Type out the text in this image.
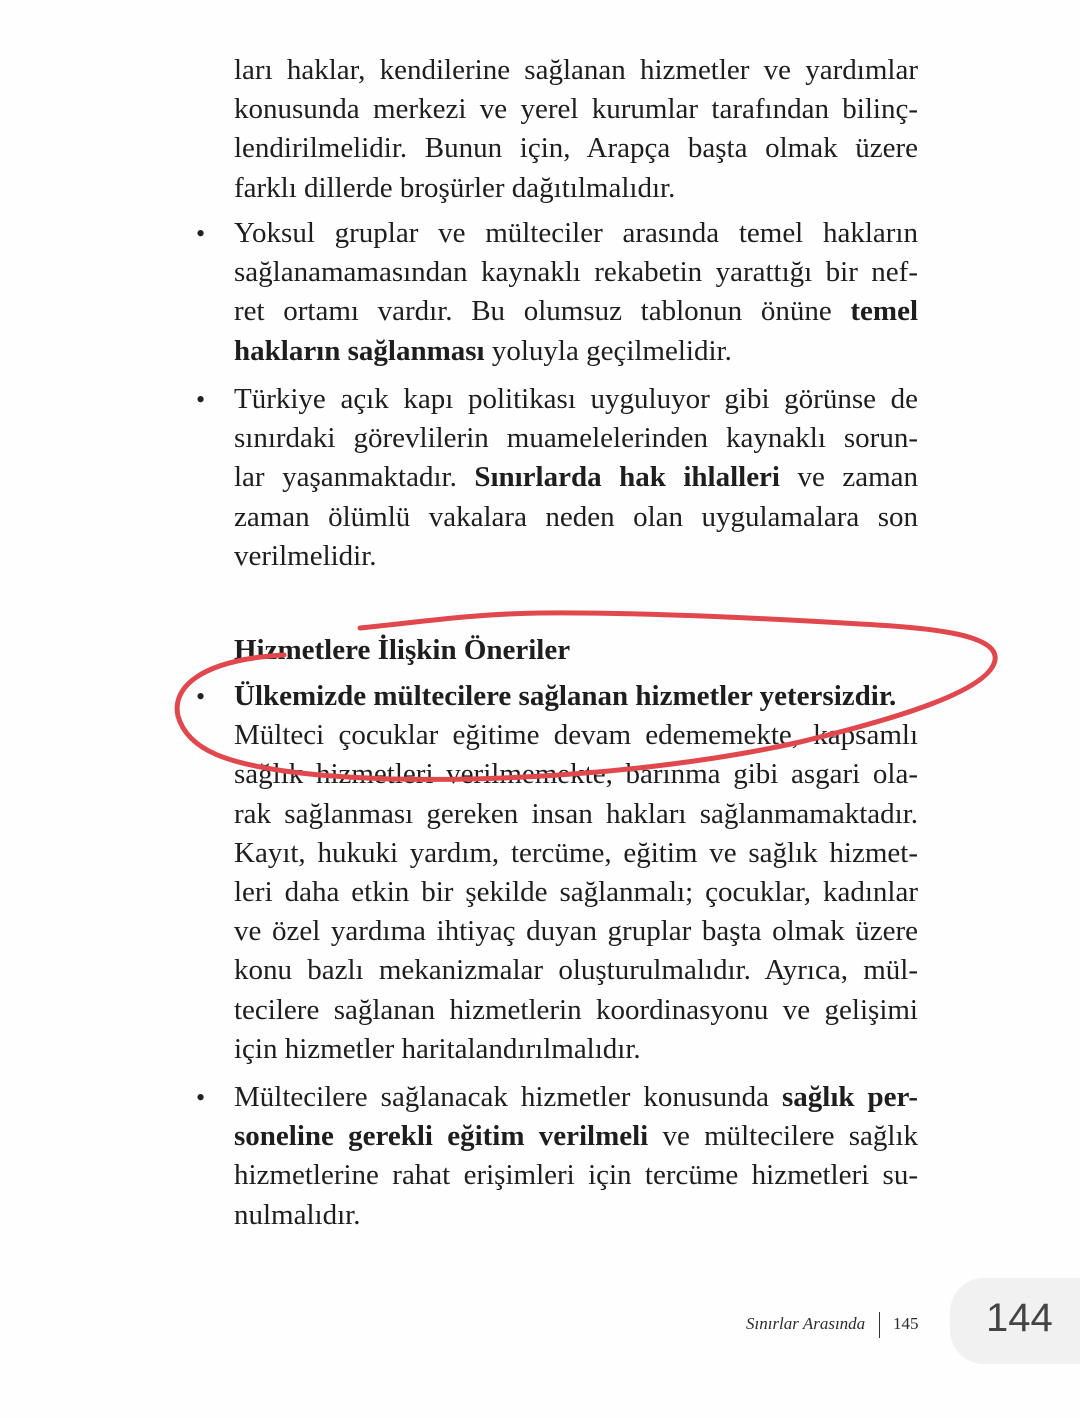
ları haklar, kendilerine sağlanan hizmetler ve yardımlar
konusunda merkezi ve yerel kurumlar tarafından bilinç-
lendirilmelidir. Bunun için, Arapça başta olmak üzere
farklı dillerde broşürler dağıtılmalıdır.
• Yoksul gruplar ve mülteciler arasında temel hakların
sağlanamamasından kaynaklı rekabetin yarattığı bir nef-
ret ortamı vardır. Bu olumsuz tablonun önüne temel
hakların sağlanması yoluyla geçilmelidir.
• Türkiye açık kapı politikası uyguluyor gibi görünse de
sınırdaki görevlilerin muamelelerinden kaynaklı sorun-
lar yaşanmaktadır. Sınırlarda hak ihlalleri ve zaman
zaman ölümlü vakalara neden olan uygulamalara son
verilmelidir.
Hizmetlere İlişkin Öneriler
• Ülkemizde mültecilere sağlanan hizmetler yetersizdir.
Mülteci çocuklar eğitime devam edememekte, kapsamlı
sağlık hizmetleri verilmemekte, barınma gibi asgari ola-
rak sağlanması gereken insan hakları sağlanmamaktadır.
Kayıt, hukuki yardım, tercüme, eğitim ve sağlık hizmet-
leri daha etkin bir şekilde sağlanmalı; çocuklar, kadınlar
ve özel yardıma ihtiyaç duyan gruplar başta olmak üzere
konu bazlı mekanizmalar oluşturulmalıdır. Ayrıca, mül-
tecilere sağlanan hizmetlerin koordinasyonu ve gelişimi
için hizmetler haritalandırılmalıdır.
• Mültecilere sağlanacak hizmetler konusunda sağlık per-
soneline gerekli eğitim verilmeli ve mültecilere sağlık
hizmetlerine rahat erişimleri için tercüme hizmetleri su-
nulmalıdır.
Sınırlar Arasında 145 144
